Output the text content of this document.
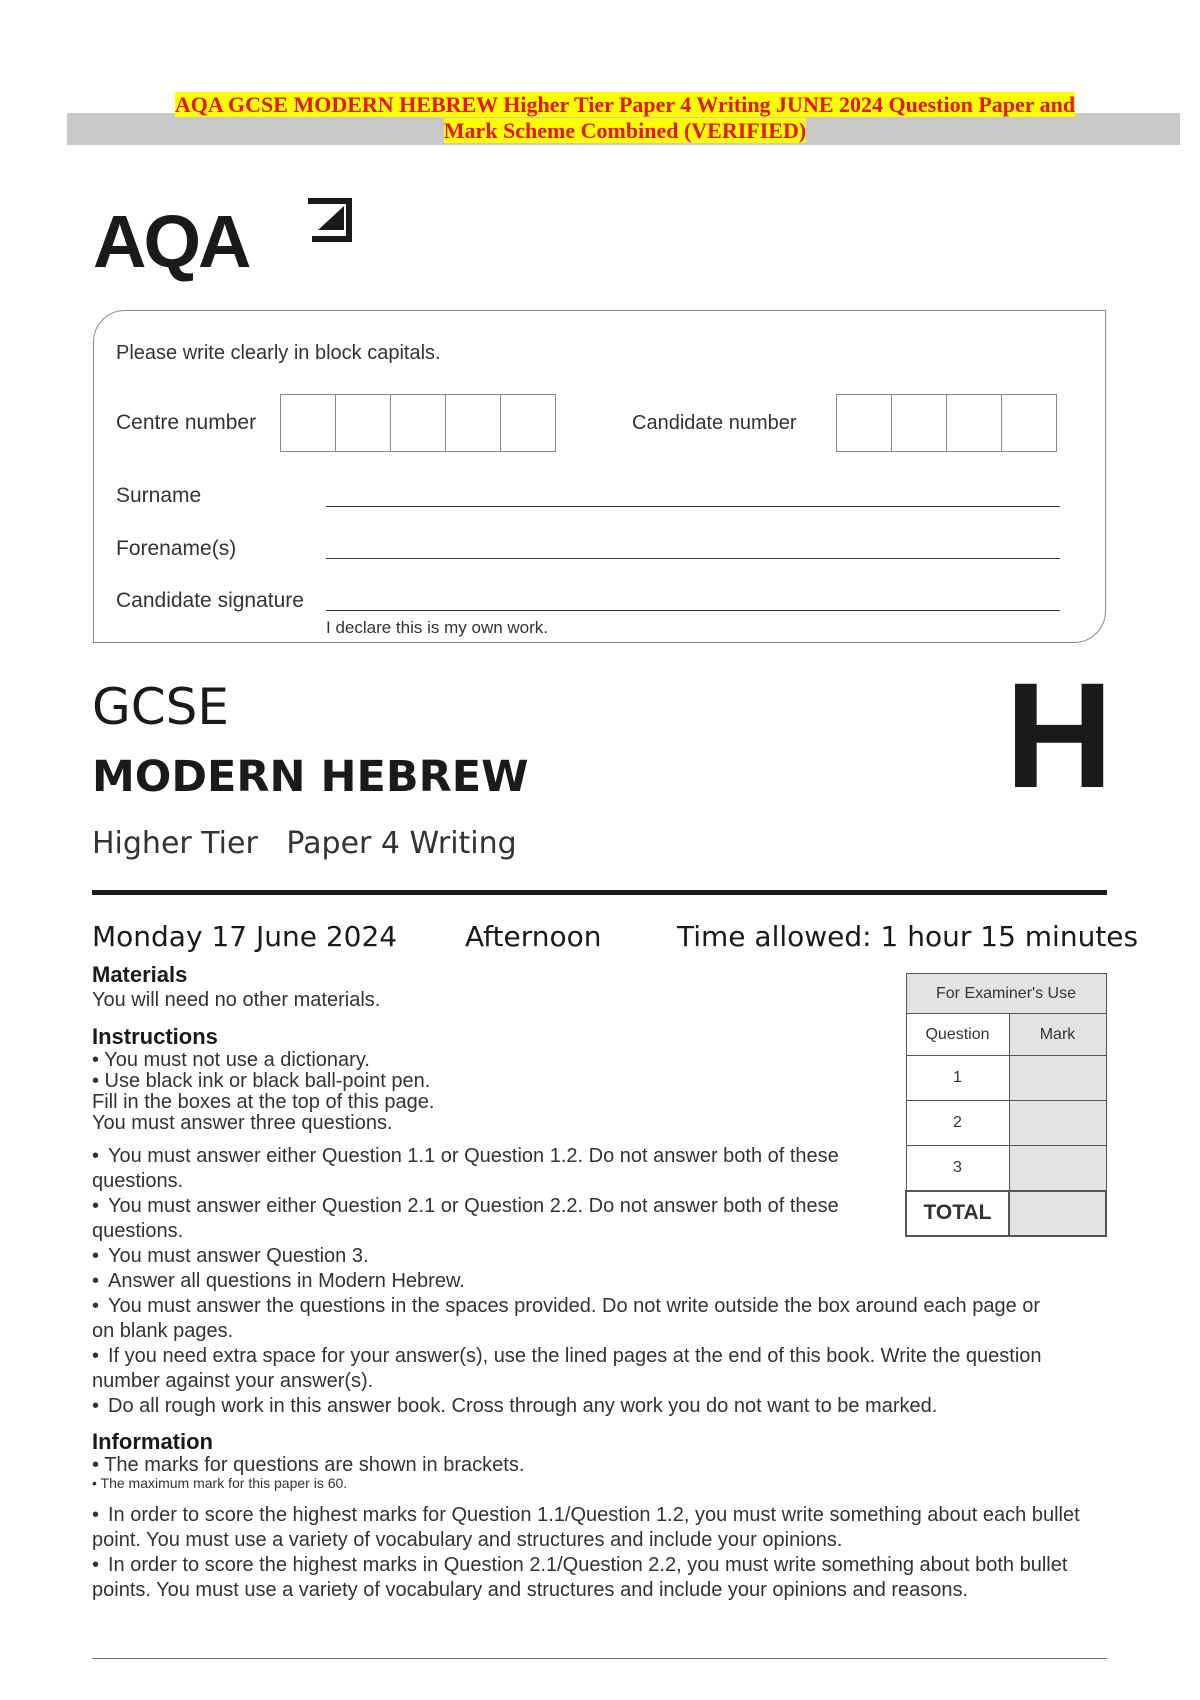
AQA GCSE MODERN HEBREW Higher Tier Paper 4 Writing JUNE 2024 Question Paper and
Mark Scheme Combined (VERIFIED)
AQA
Please write clearly in block capitals.
Centre number	Candidate number
Surname
Forename(s)
Candidate signature
I declare this is my own work.
GCSE
MODERN HEBREW
Higher Tier Paper 4 Writing
H
Monday 17 June 2024 Afternoon	Time allowed: 1 hour 15 minutes

Materials

You will need no other materials.

Instructions

• You must not use a dictionary.

• Use black ink or black ball-point pen.

Fill in the boxes at the top of this page.

You must answer three questions.

• You must answer either Question 1.1 or Question 1.2. Do not answer both of these questions.

• You must answer either Question 2.1 or Question 2.2. Do not answer both of these questions.

• You must answer Question 3.

• Answer all questions in Modern Hebrew.

• You must answer the questions in the spaces provided. Do not write outside the box around each page or on blank pages.

• If you need extra space for your answer(s), use the lined pages at the end of this book. Write the question number against your answer(s).

• Do all rough work in this answer book. Cross through any work you do not want to be marked.

Information

• The marks for questions are shown in brackets.

• The maximum mark for this paper is 60.

• In order to score the highest marks for Question 1.1/Question 1.2, you must write something about each bullet point. You must use a variety of vocabulary and structures and include your opinions.

• In order to score the highest marks in Question 2.1/Question 2.2, you must write something about both bullet points. You must use a variety of vocabulary and structures and include your opinions and reasons.

For Examiner's Use	
Question	Mark
1	
2	
3	
TOTAL	
